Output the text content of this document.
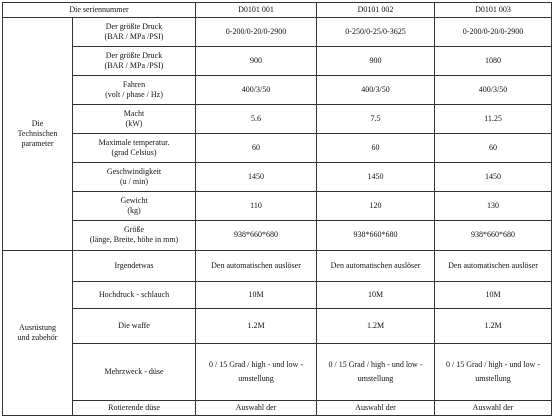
Die seriennummer		D0101 001	D0101 002	D0101 003
Die
Technischen
parameter	Der größte Druck
(BAR / MPa /PSI)	0-200/0-20/0-2900	0-250/0-25/0-3625	0-200/0-20/0-2900
	Der größte Druck
(BAR / MPa /PSI)	900	900	1080
	Fahren
(volt / phase / Hz)	400/3/50	400/3/50	400/3/50
	Macht
(kW)	5.6	7.5	11.25
	Maximale temperatur.
(grad Celsius)	60	60	60
	Geschwindigkeit
(u / min)	1450	1450	1450
	Gewicht
(kg)	110	120	130
	Größe
(länge, Breite, höhe in mm)	938*660*680	938*660*680	938*660*680
Ausrüstung
und zubehör	Irgendetwas	Den automatischen auslöser	Den automatischen auslöser	Den automatischen auslöser
	Hochdruck - schlauch	10M	10M	10M
	Die waffe	1.2M	1.2M	1.2M
	Mehrzweck - düse	0 / 15 Grad / high - und low - umstellung	0 / 15 Grad / high - und low - umstellung	0 / 15 Grad / high - und low - umstellung
	Rotierende düse	Auswahl der	Auswahl der	Auswahl der
